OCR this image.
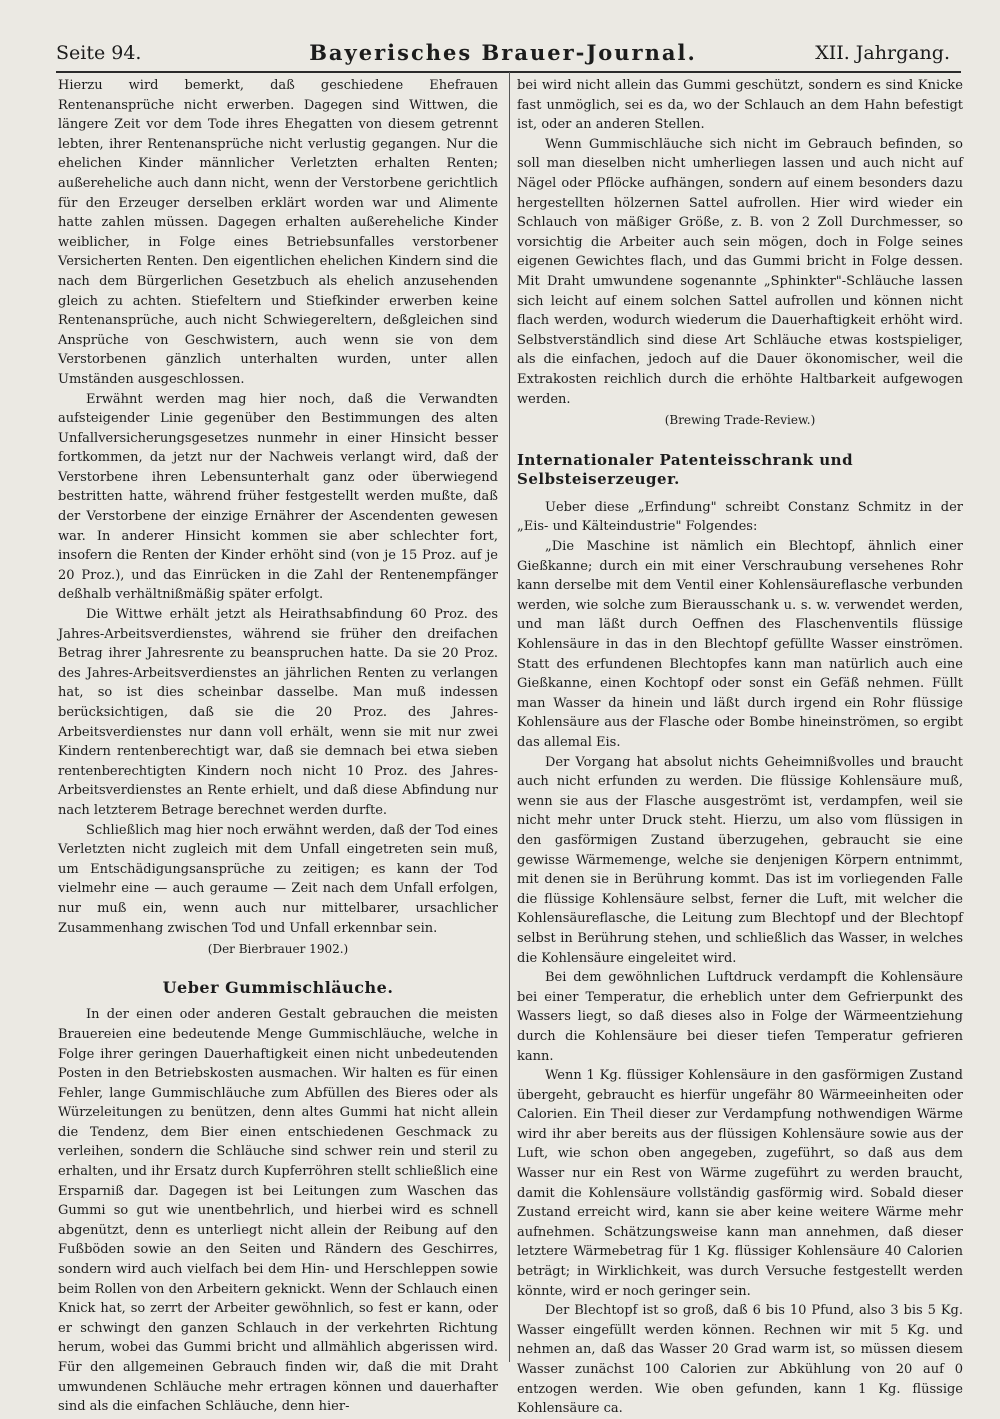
Seite 94.	Bayerisches Brauer-Journal.	XII. Jahrgang.

Hierzu wird bemerkt, daß geschiedene Ehefrauen Rentenansprüche nicht erwerben. Dagegen sind Wittwen, die längere Zeit vor dem Tode ihres Ehegatten von diesem getrennt lebten, ihrer Rentenansprüche nicht verlustig gegangen. Nur die ehelichen Kinder männlicher Verletzten erhalten Renten; außereheliche auch dann nicht, wenn der Verstorbene gerichtlich für den Erzeuger derselben erklärt worden war und Alimente hatte zahlen müssen. Dagegen erhalten außereheliche Kinder weiblicher, in Folge eines Betriebsunfalles verstorbener Versicherten Renten. Den eigentlichen ehelichen Kindern sind die nach dem Bürgerlichen Gesetzbuch als ehelich anzusehenden gleich zu achten. Stiefeltern und Stiefkinder erwerben keine Rentenansprüche, auch nicht Schwiegereltern, deßgleichen sind Ansprüche von Geschwistern, auch wenn sie von dem Verstorbenen gänzlich unterhalten wurden, unter allen Umständen ausgeschlossen.

Erwähnt werden mag hier noch, daß die Verwandten aufsteigender Linie gegenüber den Bestimmungen des alten Unfallversicherungsgesetzes nunmehr in einer Hinsicht besser fortkommen, da jetzt nur der Nachweis verlangt wird, daß der Verstorbene ihren Lebensunterhalt ganz oder überwiegend bestritten hatte, während früher festgestellt werden mußte, daß der Verstorbene der einzige Ernährer der Ascendenten gewesen war. In anderer Hinsicht kommen sie aber schlechter fort, insofern die Renten der Kinder erhöht sind (von je 15 Proz. auf je 20 Proz.), und das Einrücken in die Zahl der Rentenempfänger deßhalb verhältnißmäßig später erfolgt.

Die Wittwe erhält jetzt als Heirathsabfindung 60 Proz. des Jahres-Arbeitsverdienstes, während sie früher den dreifachen Betrag ihrer Jahresrente zu beanspruchen hatte. Da sie 20 Proz. des Jahres-Arbeitsverdienstes an jährlichen Renten zu verlangen hat, so ist dies scheinbar dasselbe. Man muß indessen berücksichtigen, daß sie die 20 Proz. des Jahres-Arbeitsverdienstes nur dann voll erhält, wenn sie mit nur zwei Kindern rentenberechtigt war, daß sie demnach bei etwa sieben rentenberechtigten Kindern noch nicht 10 Proz. des Jahres-Arbeitsverdienstes an Rente erhielt, und daß diese Abfindung nur nach letzterem Betrage berechnet werden durfte.

Schließlich mag hier noch erwähnt werden, daß der Tod eines Verletzten nicht zugleich mit dem Unfall eingetreten sein muß, um Entschädigungsansprüche zu zeitigen; es kann der Tod vielmehr eine — auch geraume — Zeit nach dem Unfall erfolgen, nur muß ein, wenn auch nur mittelbarer, ursachlicher Zusammenhang zwischen Tod und Unfall erkennbar sein.

(Der Bierbrauer 1902.)

Ueber Gummischläuche.

In der einen oder anderen Gestalt gebrauchen die meisten Brauereien eine bedeutende Menge Gummischläuche, welche in Folge ihrer geringen Dauerhaftigkeit einen nicht unbedeutenden Posten in den Betriebskosten ausmachen. Wir halten es für einen Fehler, lange Gummischläuche zum Abfüllen des Bieres oder als Würzeleitungen zu benützen, denn altes Gummi hat nicht allein die Tendenz, dem Bier einen entschiedenen Geschmack zu verleihen, sondern die Schläuche sind schwer rein und steril zu erhalten, und ihr Ersatz durch Kupferröhren stellt schließlich eine Ersparniß dar. Dagegen ist bei Leitungen zum Waschen das Gummi so gut wie unentbehrlich, und hierbei wird es schnell abgenützt, denn es unterliegt nicht allein der Reibung auf den Fußböden sowie an den Seiten und Rändern des Geschirres, sondern wird auch vielfach bei dem Hin- und Herschleppen sowie beim Rollen von den Arbeitern geknickt. Wenn der Schlauch einen Knick hat, so zerrt der Arbeiter gewöhnlich, so fest er kann, oder er schwingt den ganzen Schlauch in der verkehrten Richtung herum, wobei das Gummi bricht und allmählich abgerissen wird. Für den allgemeinen Gebrauch finden wir, daß die mit Draht umwundenen Schläuche mehr ertragen können und dauerhafter sind als die einfachen Schläuche, denn hier-

bei wird nicht allein das Gummi geschützt, sondern es sind Knicke fast unmöglich, sei es da, wo der Schlauch an dem Hahn befestigt ist, oder an anderen Stellen.

Wenn Gummischläuche sich nicht im Gebrauch befinden, so soll man dieselben nicht umherliegen lassen und auch nicht auf Nägel oder Pflöcke aufhängen, sondern auf einem besonders dazu hergestellten hölzernen Sattel aufrollen. Hier wird wieder ein Schlauch von mäßiger Größe, z. B. von 2 Zoll Durchmesser, so vorsichtig die Arbeiter auch sein mögen, doch in Folge seines eigenen Gewichtes flach, und das Gummi bricht in Folge dessen. Mit Draht umwundene sogenannte „Sphinkter"-Schläuche lassen sich leicht auf einem solchen Sattel aufrollen und können nicht flach werden, wodurch wiederum die Dauerhaftigkeit erhöht wird. Selbstverständlich sind diese Art Schläuche etwas kostspieliger, als die einfachen, jedoch auf die Dauer ökonomischer, weil die Extrakosten reichlich durch die erhöhte Haltbarkeit aufgewogen werden.

(Brewing Trade-Review.)

Internationaler Patenteisschrank und Selbsteiserzeuger.

Ueber diese „Erfindung" schreibt Constanz Schmitz in der „Eis- und Kälteindustrie" Folgendes:

„Die Maschine ist nämlich ein Blechtopf, ähnlich einer Gießkanne; durch ein mit einer Verschraubung versehenes Rohr kann derselbe mit dem Ventil einer Kohlensäureflasche verbunden werden, wie solche zum Bierausschank u. s. w. verwendet werden, und man läßt durch Oeffnen des Flaschenventils flüssige Kohlensäure in das in den Blechtopf gefüllte Wasser einströmen. Statt des erfundenen Blechtopfes kann man natürlich auch eine Gießkanne, einen Kochtopf oder sonst ein Gefäß nehmen. Füllt man Wasser da hinein und läßt durch irgend ein Rohr flüssige Kohlensäure aus der Flasche oder Bombe hineinströmen, so ergibt das allemal Eis.

Der Vorgang hat absolut nichts Geheimnißvolles und braucht auch nicht erfunden zu werden. Die flüssige Kohlensäure muß, wenn sie aus der Flasche ausgeströmt ist, verdampfen, weil sie nicht mehr unter Druck steht. Hierzu, um also vom flüssigen in den gasförmigen Zustand überzugehen, gebraucht sie eine gewisse Wärmemenge, welche sie denjenigen Körpern entnimmt, mit denen sie in Berührung kommt. Das ist im vorliegenden Falle die flüssige Kohlensäure selbst, ferner die Luft, mit welcher die Kohlensäureflasche, die Leitung zum Blechtopf und der Blechtopf selbst in Berührung stehen, und schließlich das Wasser, in welches die Kohlensäure eingeleitet wird.

Bei dem gewöhnlichen Luftdruck verdampft die Kohlensäure bei einer Temperatur, die erheblich unter dem Gefrierpunkt des Wassers liegt, so daß dieses also in Folge der Wärmeentziehung durch die Kohlensäure bei dieser tiefen Temperatur gefrieren kann.

Wenn 1 Kg. flüssiger Kohlensäure in den gasförmigen Zustand übergeht, gebraucht es hierfür ungefähr 80 Wärmeeinheiten oder Calorien. Ein Theil dieser zur Verdampfung nothwendigen Wärme wird ihr aber bereits aus der flüssigen Kohlensäure sowie aus der Luft, wie schon oben angegeben, zugeführt, so daß aus dem Wasser nur ein Rest von Wärme zugeführt zu werden braucht, damit die Kohlensäure vollständig gasförmig wird. Sobald dieser Zustand erreicht wird, kann sie aber keine weitere Wärme mehr aufnehmen. Schätzungsweise kann man annehmen, daß dieser letztere Wärmebetrag für 1 Kg. flüssiger Kohlensäure 40 Calorien beträgt; in Wirklichkeit, was durch Versuche festgestellt werden könnte, wird er noch geringer sein.

Der Blechtopf ist so groß, daß 6 bis 10 Pfund, also 3 bis 5 Kg. Wasser eingefüllt werden können. Rechnen wir mit 5 Kg. und nehmen an, daß das Wasser 20 Grad warm ist, so müssen diesem Wasser zunächst 100 Calorien zur Abkühlung von 20 auf 0 entzogen werden. Wie oben gefunden, kann 1 Kg. flüssige Kohlensäure ca.
